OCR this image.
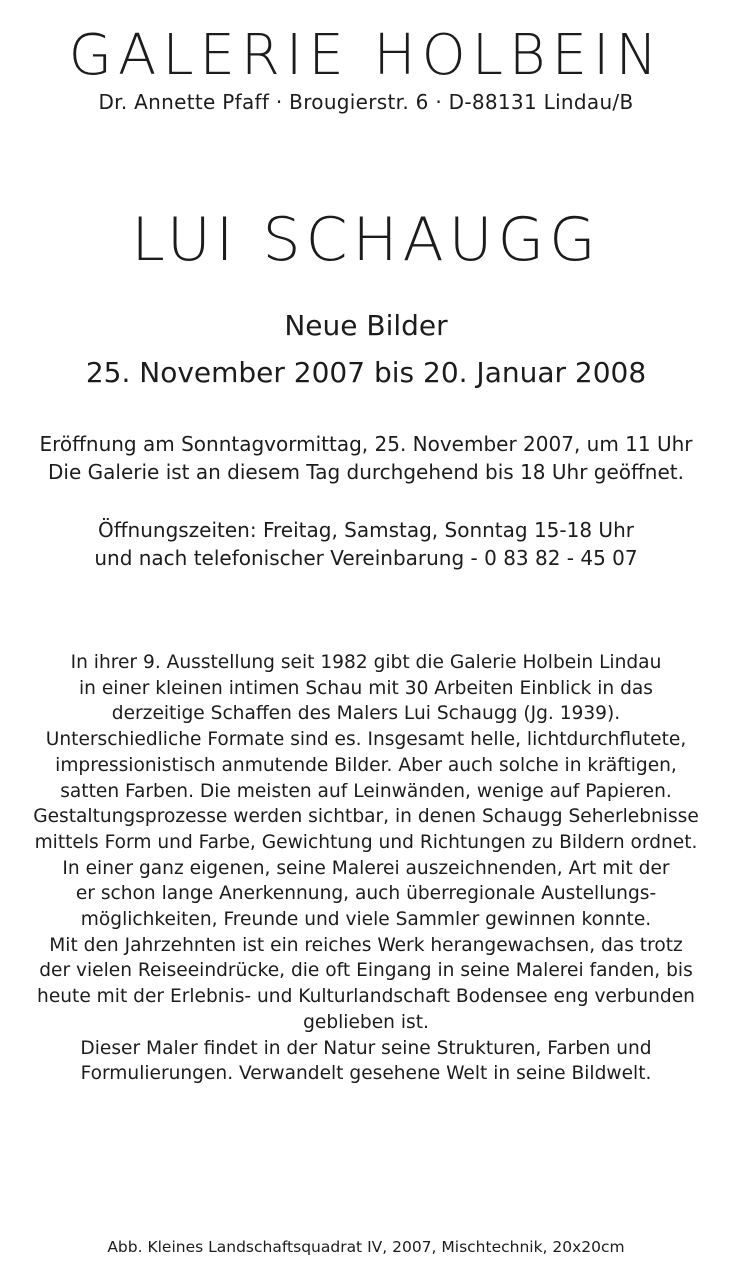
GALERIE HOLBEIN
Dr. Annette Pfaff · Brougierstr. 6 · D-88131 Lindau/B
LUI SCHAUGG
Neue Bilder
25. November 2007 bis 20. Januar 2008
Eröffnung am Sonntagvormittag, 25. November 2007, um 11 Uhr
Die Galerie ist an diesem Tag durchgehend bis 18 Uhr geöffnet.
Öffnungszeiten: Freitag, Samstag, Sonntag 15-18 Uhr
und nach telefonischer Vereinbarung - 0 83 82 - 45 07
In ihrer 9. Ausstellung seit 1982 gibt die Galerie Holbein Lindau
in einer kleinen intimen Schau mit 30 Arbeiten Einblick in das
derzeitige Schaffen des Malers Lui Schaugg (Jg. 1939).
Unterschiedliche Formate sind es. Insgesamt helle, lichtdurchflutete,
impressionistisch anmutende Bilder. Aber auch solche in kräftigen,
satten Farben. Die meisten auf Leinwänden, wenige auf Papieren.
Gestaltungsprozesse werden sichtbar, in denen Schaugg Seherlebnisse
mittels Form und Farbe, Gewichtung und Richtungen zu Bildern ordnet.
In einer ganz eigenen, seine Malerei auszeichnenden, Art mit der
er schon lange Anerkennung, auch überregionale Austellungs-
möglichkeiten, Freunde und viele Sammler gewinnen konnte.
Mit den Jahrzehnten ist ein reiches Werk herangewachsen, das trotz
der vielen Reiseeindrücke, die oft Eingang in seine Malerei fanden, bis
heute mit der Erlebnis- und Kulturlandschaft Bodensee eng verbunden
geblieben ist.
Dieser Maler findet in der Natur seine Strukturen, Farben und
Formulierungen. Verwandelt gesehene Welt in seine Bildwelt.
Abb. Kleines Landschaftsquadrat IV, 2007, Mischtechnik, 20x20cm
